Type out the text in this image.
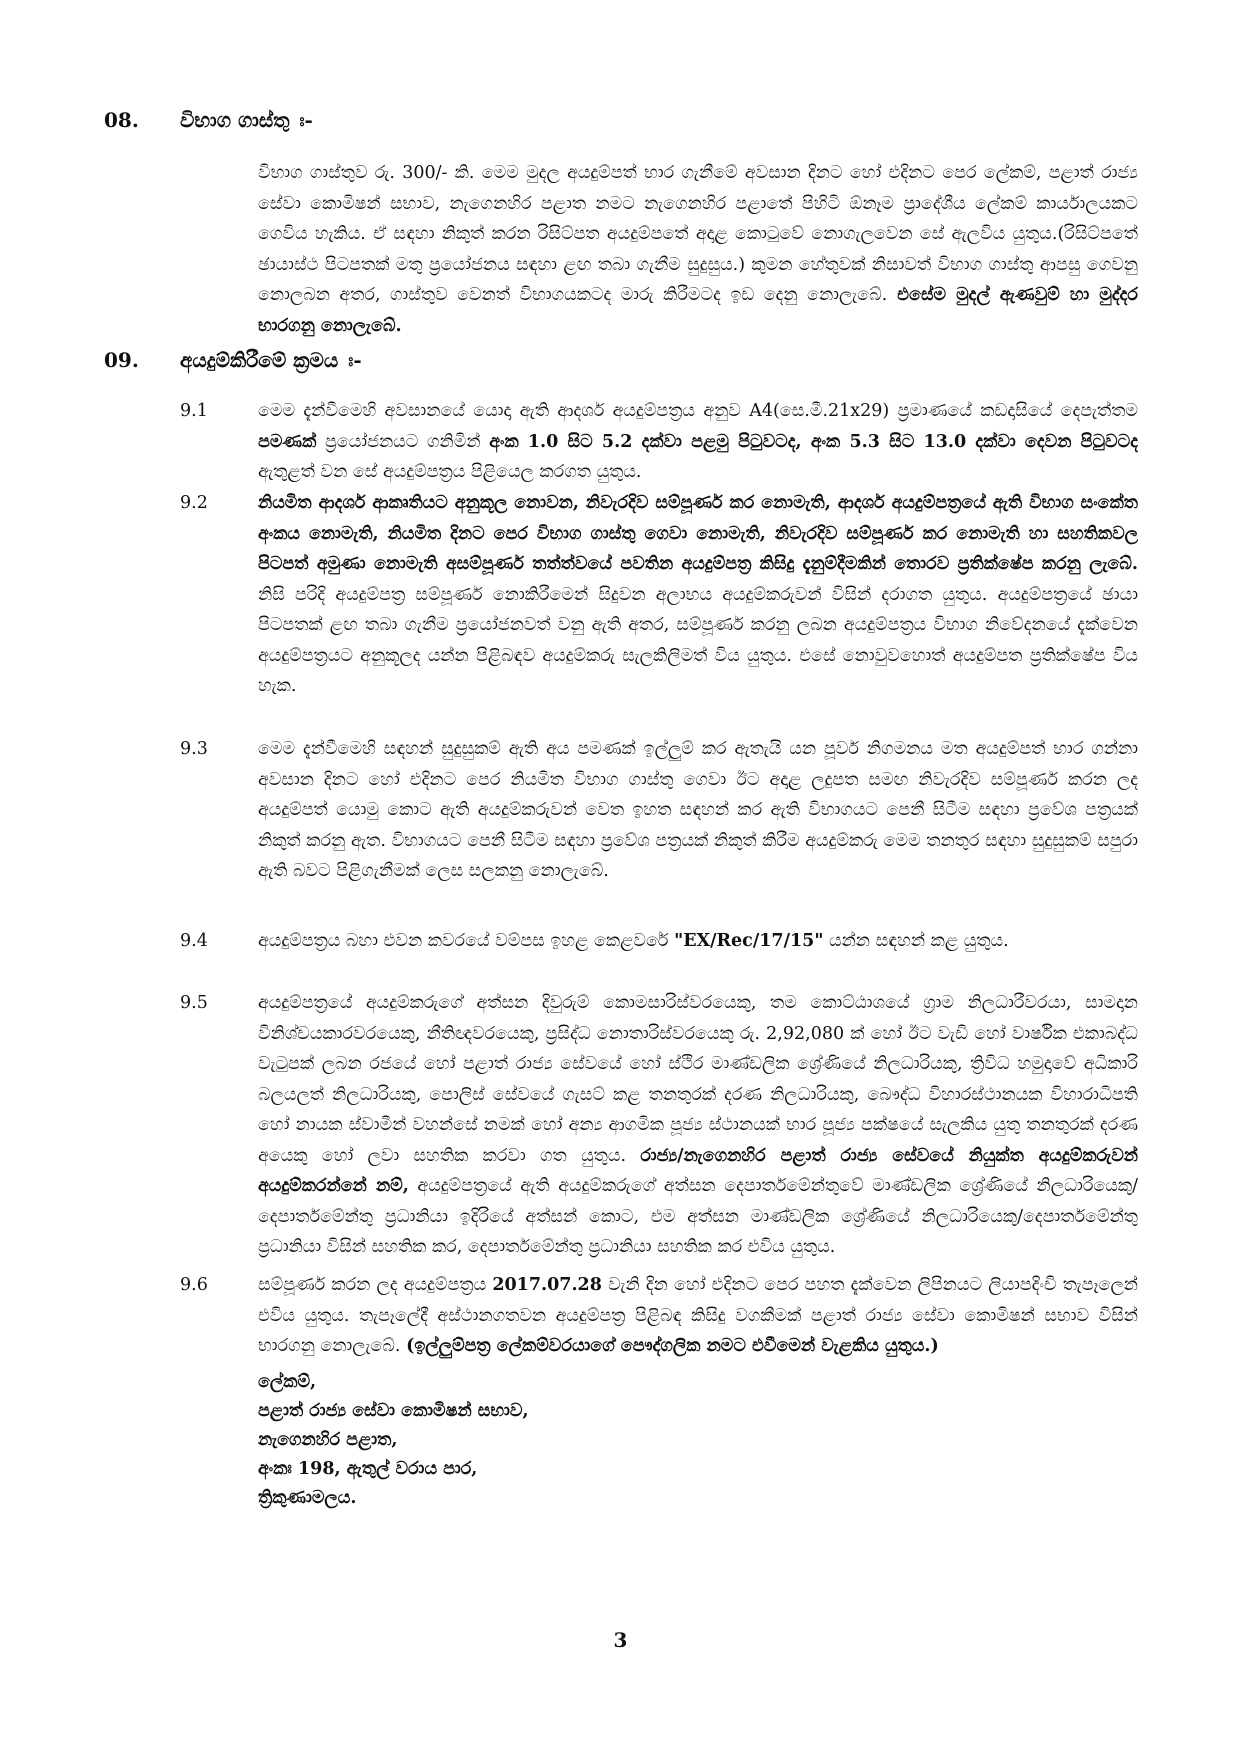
08. විභාග ගාස්තු ඃ-
විභාග ගාස්තුව රු. 300/- කි. මෙම මුදල අයදුම්පත් භාර ගැනීමේ අවසාන දිනට හෝ එදිනට පෙර ලේකම්, පළාත් රාජ්‍ය සේවා කොමිෂන් සභාව, නැගෙනහිර පළාත නමට නැගෙනහිර පළාතේ පිහිටි ඕනෑම ප්‍රාදේශීය ලේකම් කාර්යාලයකට ගෙවිය හැකිය. ඒ සඳහා නිකුත් කරන රිසිට්පත අයදුම්පතේ අදාළ කොටුවේ නොගැලවෙන සේ ඇලවිය යුතුය.(රිසිට්පතේ ඡායාස්ථ පිටපතක් මතු ප්‍රයෝජනය සඳහා ළඟ තබා ගැනීම සුදුසුය.) කුමන හේතුවක් නිසාවත් විභාග ගාස්තු ආපසු ගෙවනු නොලබන අතර, ගාස්තුව වෙනත් විභාගයකටද මාරු කිරීමටද ඉඩ දෙනු නොලැබේ. එසේම මුදල් ඇණවුම් හා මුද්දර භාරගනු නොලැබේ.
09. අයදුම්කිරීමේ ක්‍රමය ඃ-
9.1	මෙම දැන්වීමෙහි අවසානයේ යොදා ඇති ආදර්ශ අයදුම්පත්‍රය අනුව A4(සෙ.මී.21x29) ප්‍රමාණයේ කඩදාසියේ දෙපැත්තම පමණක් ප්‍රයෝජනයට ගනිමින් අංක 1.0 සිට 5.2 දක්වා පළමු පිටුවටද, අංක 5.3 සිට 13.0 දක්වා දෙවන පිටුවටද ඇතුළත් වන සේ අයදුම්පත්‍රය පිළියෙල කරගත යුතුය.
9.2	නියමිත ආදර්ශ ආකෘතියට අනුකූල නොවන, නිවැරදිව සම්පූර්ණ කර නොමැති, ආදර්ශ අයදුම්පත්‍රයේ ඇති විභාග සංකේත අංකය නොමැති, නියමිත දිනට පෙර විභාග ගාස්තු ගෙවා නොමැති, නිවැරදිව සම්පූර්ණ කර නොමැති හා සහතිකවල පිටපත් අමුණා නොමැති අසම්පූර්ණ තත්ත්වයේ පවතින අයදුම්පත්‍ර කිසිදු දැනුම්දීමකින් තොරව ප්‍රතික්ෂේප කරනු ලැබේ. නිසි පරිදි අයදුම්පත්‍ර සම්පූර්ණ නොකිරීමෙන් සිදුවන අලාභය අයදුම්කරුවන් විසින් දරාගත යුතුය. අයදුම්පත්‍රයේ ඡායා පිටපතක් ළඟ තබා ගැනීම ප්‍රයෝජනවත් වනු ඇති අතර, සම්පූර්ණ කරනු ලබන අයදුම්පත්‍රය විභාග නිවේදනයේ දැක්වෙන අයදුම්පත්‍රයට අනුකූලද යන්න පිළිබඳව අයදුම්කරු සැලකිලිමත් විය යුතුය. එසේ නොවුවහොත් අයදුම්පත ප්‍රතික්ෂේප විය හැක.
9.3	මෙම දැන්වීමෙහි සඳහන් සුදුසුකම් ඇති අය පමණක් ඉල්ලුම් කර ඇතැයි යන පූර්ව නිගමනය මත අයදුම්පත් භාර ගන්නා අවසාන දිනට හෝ එදිනට පෙර නියමිත විභාග ගාස්තු ගෙවා ඊට අදාළ ලදුපත සමඟ නිවැරදිව සම්පූර්ණ කරන ලද අයදුම්පත් යොමු කොට ඇති අයදුම්කරුවන් වෙත ඉහත සඳහන් කර ඇති විභාගයට පෙනී සිටීම සඳහා ප්‍රවේශ පත්‍රයක් නිකුත් කරනු ඇත. විභාගයට පෙනී සිටීම සඳහා ප්‍රවේශ පත්‍රයක් නිකුත් කිරීම අයදුම්කරු මෙම තනතුර සඳහා සුදුසුකම් සපුරා ඇති බවට පිළිගැනීමක් ලෙස සලකනු නොලැබේ.
9.4	අයදුම්පත්‍රය බහා එවන කවරයේ වම්පස ඉහළ කෙළවරේ "EX/Rec/17/15" යන්න සඳහන් කළ යුතුය.
9.5	අයදුම්පත්‍රයේ අයදුම්කරුගේ අත්සන දිවුරුම් කොමසාරිස්වරයෙකු, තම කොට්ඨාශයේ ග්‍රාම නිලධාරීවරයා, සාමදාන විනිශ්චයකාරවරයෙකු, නීතිඥවරයෙකු, ප්‍රසිද්ධ නොතාරිස්වරයෙකු රු. 2,92,080 ක් හෝ ඊට වැඩි හෝ වාර්ෂික එකාබද්ධ වැටුපක් ලබන රජයේ හෝ පළාත් රාජ්‍ය සේවයේ හෝ ස්ථිර මාණ්ඩලික ශ්‍රේණියේ නිලධාරියකු, ත්‍රිවිධ හමුදාවේ අධිකාරි බලයලත් නිලධාරියකු, පොලිස් සේවයේ ගැසට් කළ තනතුරක් දරණ නිලධාරියකු, බෞද්ධ විහාරස්ථානයක විහාරාධිපති හෝ නායක ස්වාමීන් වහන්සේ නමක් හෝ අන්‍ය ආගමික පූජ්‍ය ස්ථානයක් භාර පූජ්‍ය පක්ෂයේ සැලකිය යුතු තනතුරක් දරණ අයෙකු හෝ ලවා සහතික කරවා ගත යුතුය. රාජ්‍ය/නැගෙනහිර පළාත් රාජ්‍ය සේවයේ නියුක්ත අයදුම්කරුවන් අයදුම්කරන්නේ නම්, අයදුම්පත්‍රයේ ඇති අයදුම්කරුගේ අත්සන දෙපාර්තමේන්තුවේ මාණ්ඩලික ශ්‍රේණියේ නිලධාරියෙකු/දෙපාර්තමේන්තු ප්‍රධානියා ඉදිරියේ අත්සන් කොට, එම අත්සන මාණ්ඩලික ශ්‍රේණියේ නිලධාරියෙකු/දෙපාර්තමේන්තු ප්‍රධානියා විසින් සහතික කර, දෙපාර්තමේන්තු ප්‍රධානියා සහතික කර එවිය යුතුය.
9.6	සම්පූර්ණ කරන ලද අයදුම්පත්‍රය 2017.07.28 වැනි දින හෝ එදිනට පෙර පහත දැක්වෙන ලිපිනයට ලියාපදිංචි තැපෑලෙන් එවිය යුතුය. තැපෑලේදී අස්ථානගතවන අයදුම්පත්‍ර පිළිබඳ කිසිදු වගකීමක් පළාත් රාජ්‍ය සේවා කොමිෂන් සභාව විසින් භාරගනු නොලැබේ. (ඉල්ලුම්පත්‍ර ලේකම්වරයාගේ පෞද්ගලික නමට එවීමෙන් වැළකිය යුතුය.)
ලේකම්,
පළාත් රාජ්‍ය සේවා කොමිෂන් සභාව,
නැගෙනහිර පළාත,
අංකඃ 198, ඇතුල් වරාය පාර,
ත්‍රිකුණාමලය.
3
